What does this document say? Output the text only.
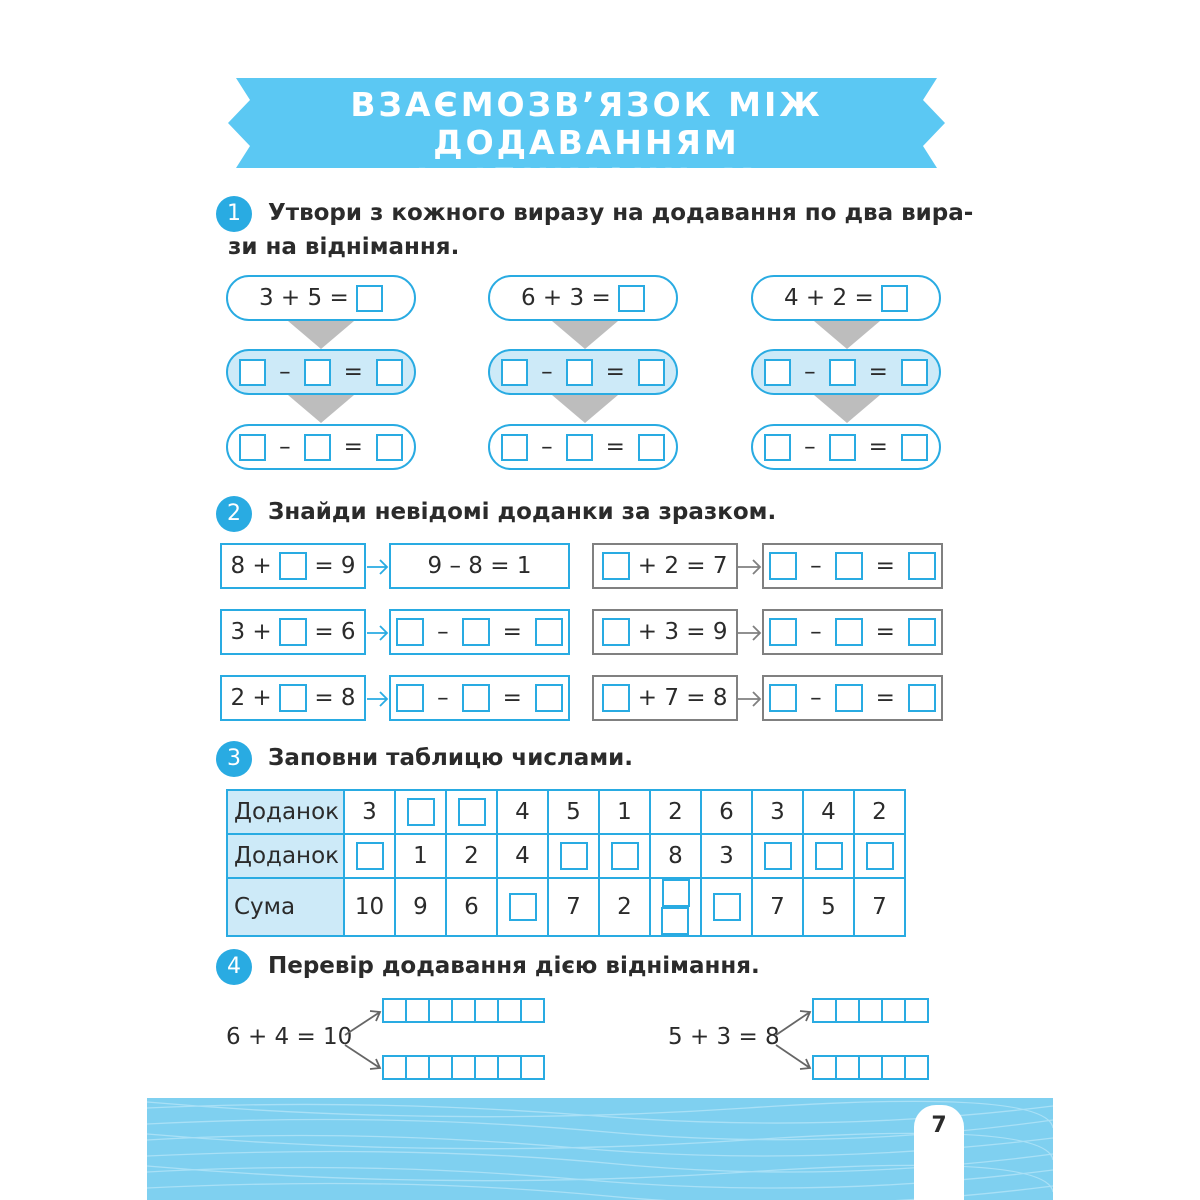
ВЗАЄМОЗВ’ЯЗОК МІЖ ДОДАВАННЯМ
І ВІДНІМАННЯМ
1	Утвори з кожного виразу на додавання по два вира-
зи на віднімання.
3 + 5 =

– =
– =
6 + 3 =

– =
– =
4 + 2 =

– =
– =
2	Знайди невідомі доданки за зразком.
8 +

= 9	9 – 8 = 1
3 +

= 6	– =
2 +

= 8	– =

+ 2 = 7	– =

+ 3 = 9	– =

+ 7 = 8	– =
3	Заповни таблицю числами.
Доданок	3			4	5	1	2	6	3	4	2
Доданок		1	2	4			8	3			
Сума	10	9	6		7	2			7	5	7
4	Перевір додавання дією віднімання.
6 + 4 = 10	5 + 3 = 8
7
